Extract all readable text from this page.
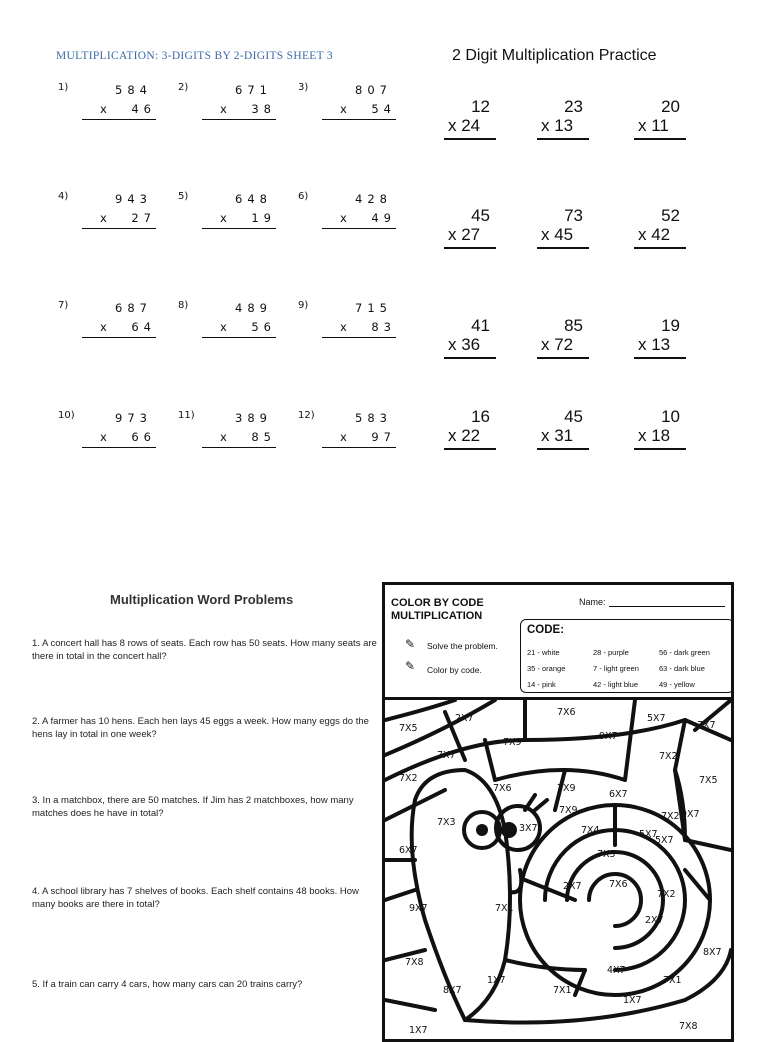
MULTIPLICATION: 3-DIGITS BY 2-DIGITS SHEET 3
1)	584
x 46
2)	671
x 38
3)	807
x 54
4)	943
x 27
5)	648
x 19
6)	428
x 49
7)	687
x 64
8)	489
x 56
9)	715
x 83
10)	973
x 66
11)	389
x 85
12)	583
x 97
2 Digit Multiplication Practice
12
x 24
23
x 13
20
x 11
45
x 27
73
x 45
52
x 42
41
x 36
85
x 72
19
x 13
16
x 22
45
x 31
10
x 18
Multiplication Word Problems
1. A concert hall has 8 rows of seats. Each row has 50 seats. How many seats are there in total in the concert hall?
2. A farmer has 10 hens. Each hen lays 45 eggs a week. How many eggs do the hens lay in total in one week?
3. In a matchbox, there are 50 matches. If Jim has 2 matchboxes, how many matches does he have in total?
4. A school library has 7 shelves of books. Each shelf contains 48 books. How many books are there in total?
5. If a train can carry 4 cars, how many cars can 20 trains carry?
COLOR BY CODE
MULTIPLICATION
Name:
✎ Solve the problem.
✎ Color by code.
CODE:
21 - white	28 - purple	56 - dark green
35 - orange	7 - light green	63 - dark blue
14 - pink	42 - light blue	49 - yellow
7X5
2X7
7X6
5X7
7X7
7X7
7X9
9X7
7X2
7X2
7X6	7X9
6X7
7X5
7X3
3X7	7X4	5X7
9X7
6X7	7X5
7X6
2X7
7X2
2X7
9X7	7X1
7X2
7X9
5X7
7X8
4X7
8X7
1X7
7X1
7X1
1X7
8X7
1X7	7X8
